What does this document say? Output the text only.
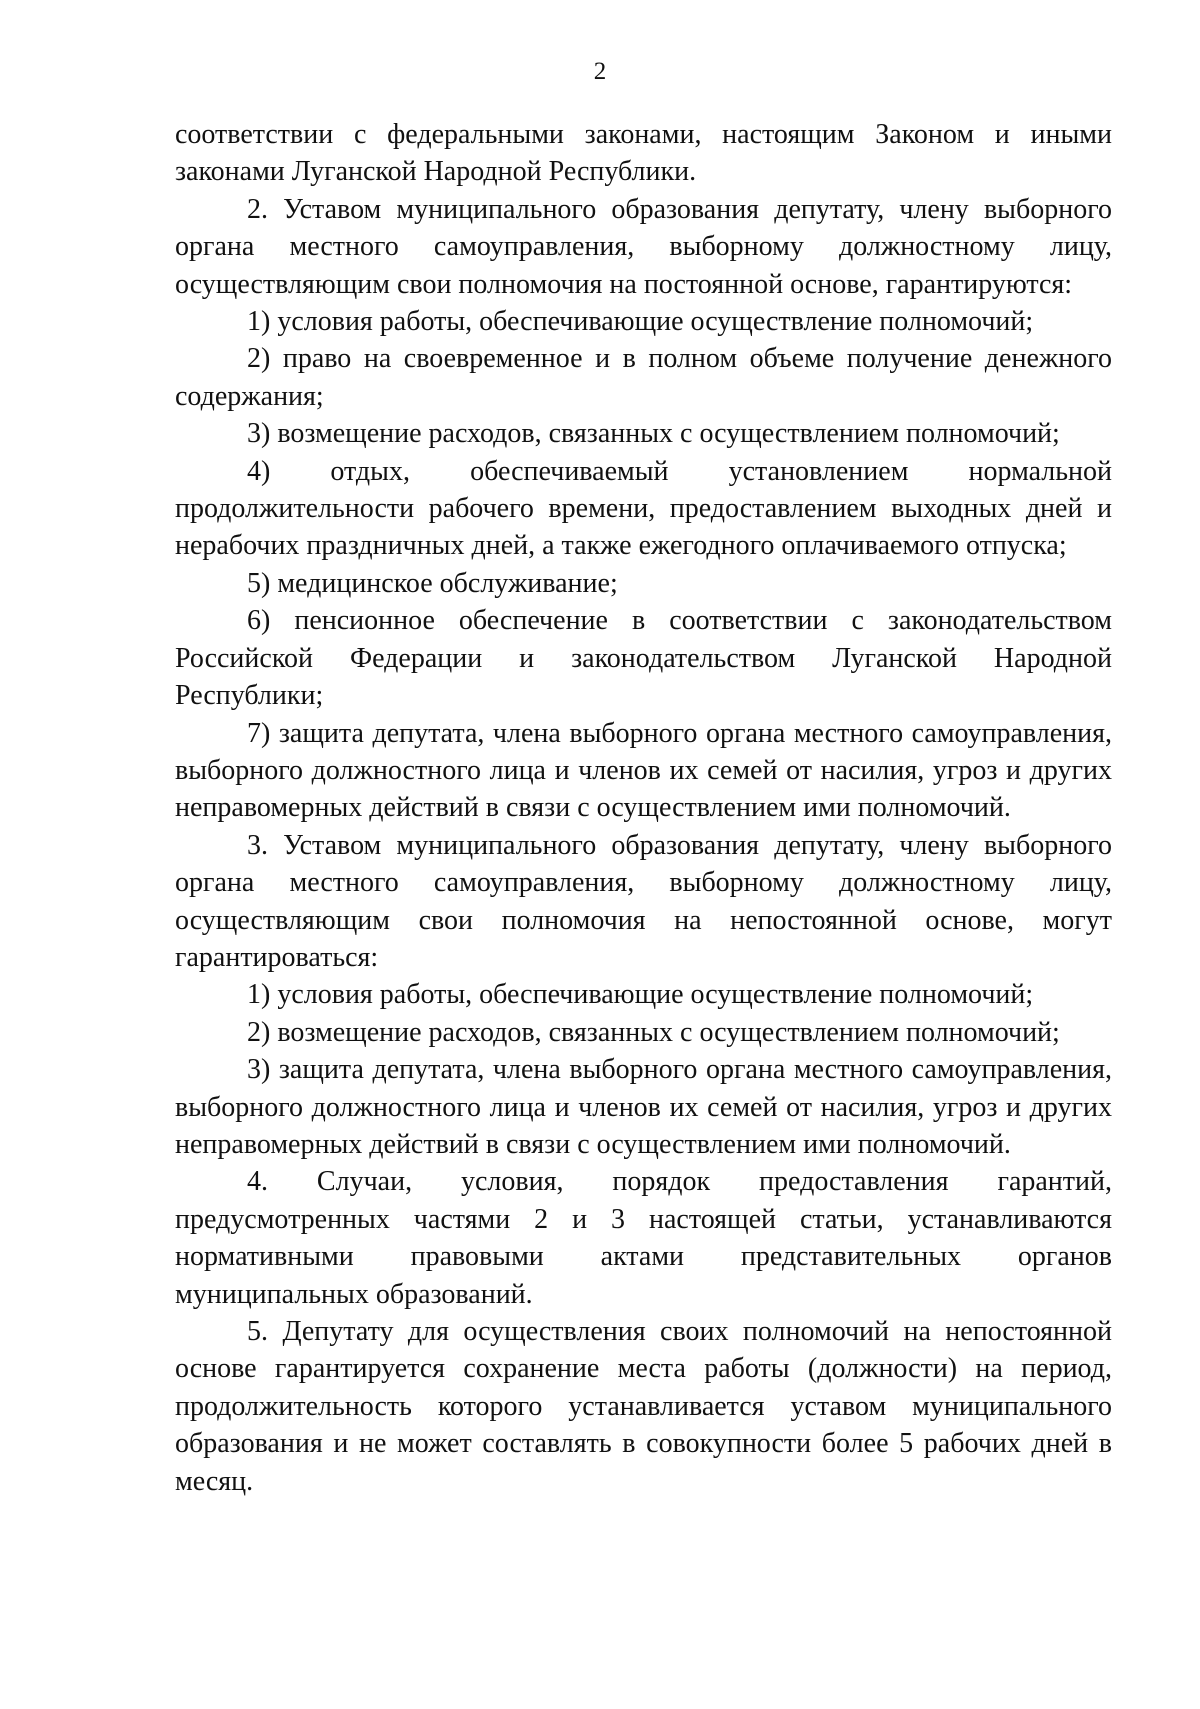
2

соответствии с федеральными законами, настоящим Законом и иными законами Луганской Народной Республики.

2. Уставом муниципального образования депутату, члену выборного органа местного самоуправления, выборному должностному лицу, осуществляющим свои полномочия на постоянной основе, гарантируются:

1) условия работы, обеспечивающие осуществление полномочий;

2) право на своевременное и в полном объеме получение денежного содержания;

3) возмещение расходов, связанных с осуществлением полномочий;

4) отдых, обеспечиваемый установлением нормальной продолжительности рабочего времени, предоставлением выходных дней и нерабочих праздничных дней, а также ежегодного оплачиваемого отпуска;

5) медицинское обслуживание;

6) пенсионное обеспечение в соответствии с законодательством Российской Федерации и законодательством Луганской Народной Республики;

7) защита депутата, члена выборного органа местного самоуправления, выборного должностного лица и членов их семей от насилия, угроз и других неправомерных действий в связи с осуществлением ими полномочий.

3. Уставом муниципального образования депутату, члену выборного органа местного самоуправления, выборному должностному лицу, осуществляющим свои полномочия на непостоянной основе, могут гарантироваться:

1) условия работы, обеспечивающие осуществление полномочий;

2) возмещение расходов, связанных с осуществлением полномочий;

3) защита депутата, члена выборного органа местного самоуправления, выборного должностного лица и членов их семей от насилия, угроз и других неправомерных действий в связи с осуществлением ими полномочий.

4. Случаи, условия, порядок предоставления гарантий, предусмотренных частями 2 и 3 настоящей статьи, устанавливаются нормативными правовыми актами представительных органов муниципальных образований.

5. Депутату для осуществления своих полномочий на непостоянной основе гарантируется сохранение места работы (должности) на период, продолжительность которого устанавливается уставом муниципального образования и не может составлять в совокупности более 5 рабочих дней в месяц.
